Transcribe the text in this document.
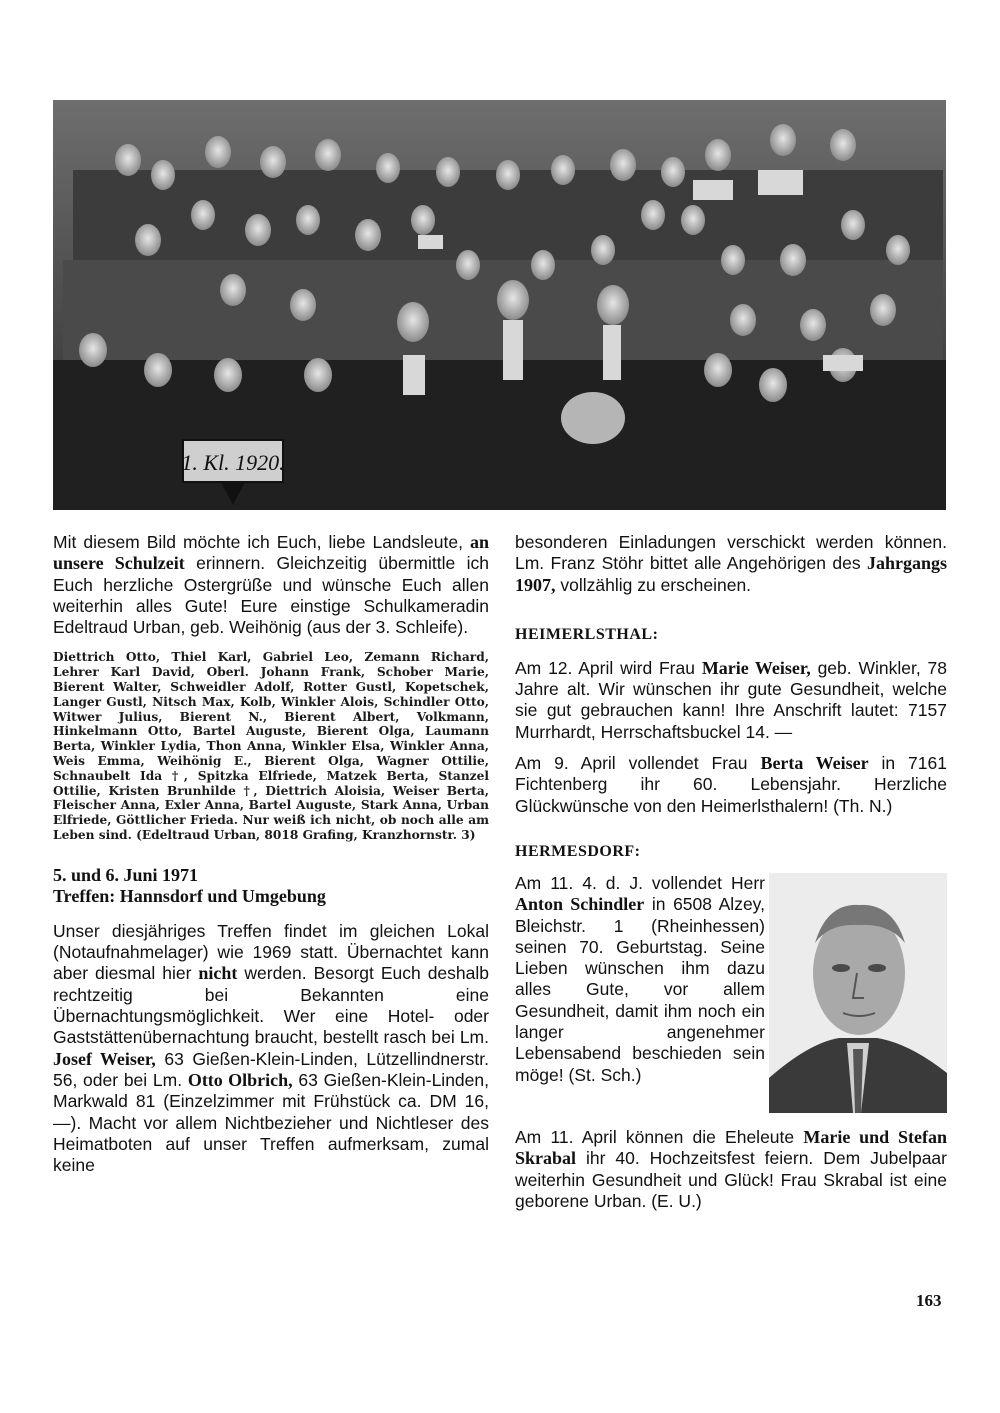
1. Kl. 1920.

Mit diesem Bild möchte ich Euch, liebe Landsleute, an unsere Schulzeit erinnern. Gleichzeitig übermittle ich Euch herzliche Ostergrüße und wünsche Euch allen weiterhin alles Gute! Eure einstige Schulkameradin Edeltraud Urban, geb. Weihönig (aus der 3. Schleife).

Diettrich Otto, Thiel Karl, Gabriel Leo, Zemann Richard, Lehrer Karl David, Oberl. Johann Frank, Schober Marie, Bierent Walter, Schweidler Adolf, Rotter Gustl, Kopetschek, Langer Gustl, Nitsch Max, Kolb, Winkler Alois, Schindler Otto, Witwer Julius, Bierent N., Bierent Albert, Volkmann, Hinkelmann Otto, Bartel Auguste, Bierent Olga, Laumann Berta, Winkler Lydia, Thon Anna, Winkler Elsa, Winkler Anna, Weis Emma, Weihönig E., Bierent Olga, Wagner Ottilie, Schnaubelt Ida †, Spitzka Elfriede, Matzek Berta, Stanzel Ottilie, Kristen Brunhilde †, Diettrich Aloisia, Weiser Berta, Fleischer Anna, Exler Anna, Bartel Auguste, Stark Anna, Urban Elfriede, Göttlicher Frieda. Nur weiß ich nicht, ob noch alle am Leben sind. (Edeltraud Urban, 8018 Grafing, Kranzhornstr. 3)

5. und 6. Juni 1971
Treffen: Hannsdorf und Umgebung

Unser diesjähriges Treffen findet im gleichen Lokal (Notaufnahmelager) wie 1969 statt. Übernachtet kann aber diesmal hier nicht werden. Besorgt Euch deshalb rechtzeitig bei Bekannten eine Übernachtungsmöglichkeit. Wer eine Hotel- oder Gaststättenübernachtung braucht, bestellt rasch bei Lm. Josef Weiser, 63 Gießen-Klein-Linden, Lützellindnerstr. 56, oder bei Lm. Otto Olbrich, 63 Gießen-Klein-Linden, Markwald 81 (Einzelzimmer mit Frühstück ca. DM 16,—). Macht vor allem Nichtbezieher und Nichtleser des Heimatboten auf unser Treffen aufmerksam, zumal keine

besonderen Einladungen verschickt werden können. Lm. Franz Stöhr bittet alle Angehörigen des Jahrgangs 1907, vollzählig zu erscheinen.

HEIMERLSTHAL:

Am 12. April wird Frau Marie Weiser, geb. Winkler, 78 Jahre alt. Wir wünschen ihr gute Gesundheit, welche sie gut gebrauchen kann! Ihre Anschrift lautet: 7157 Murrhardt, Herrschaftsbuckel 14. —

Am 9. April vollendet Frau Berta Weiser in 7161 Fichtenberg ihr 60. Lebensjahr. Herzliche Glückwünsche von den Heimerlsthalern! (Th. N.)

HERMESDORF:

Am 11. 4. d. J. vollendet Herr Anton Schindler in 6508 Alzey, Bleichstr. 1 (Rheinhessen) seinen 70. Geburtstag. Seine Lieben wünschen ihm dazu alles Gute, vor allem Gesundheit, damit ihm noch ein langer angenehmer Lebensabend beschieden sein möge! (St. Sch.)

Am 11. April können die Eheleute Marie und Stefan Skrabal ihr 40. Hochzeitsfest feiern. Dem Jubelpaar weiterhin Gesundheit und Glück! Frau Skrabal ist eine geborene Urban. (E. U.)

163
